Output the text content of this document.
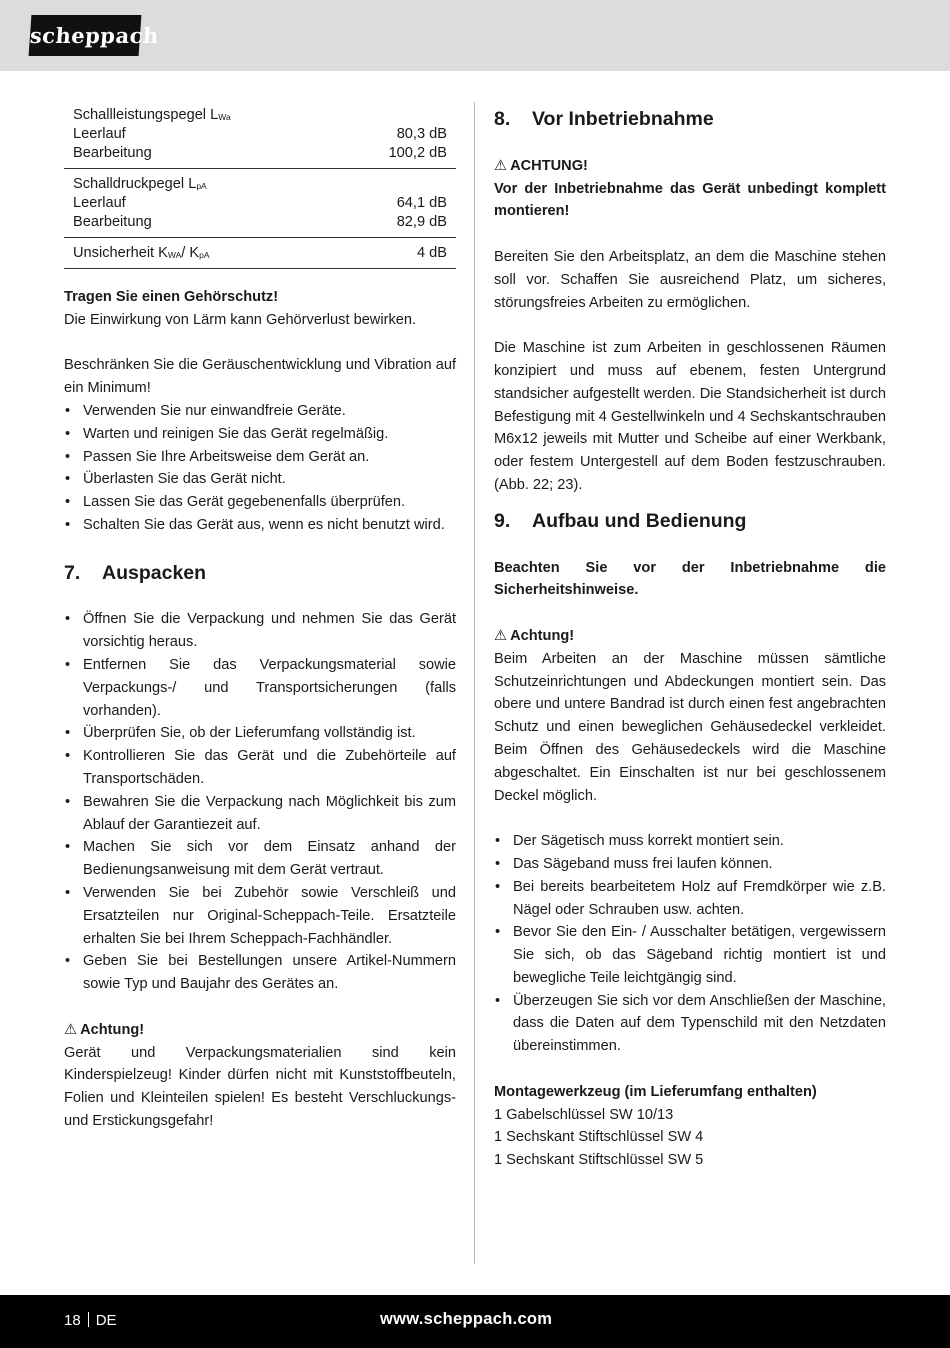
scheppach
Schallleistungspegel $L_{Wa}$
Leerlauf	80,3 dB
Bearbeitung	100,2 dB
Schalldruckpegel $L_{pA}$
Leerlauf	64,1 dB
Bearbeitung	82,9 dB
Unsicherheit $K_{WA}/$ $K_{pA}$	4 dB

Tragen Sie einen Gehörschutz!

Die Einwirkung von Lärm kann Gehörverlust bewirken.

Beschränken Sie die Geräuschentwicklung und Vibration auf ein Minimum!

• Verwenden Sie nur einwandfreie Geräte.
• Warten und reinigen Sie das Gerät regelmäßig.
• Passen Sie Ihre Arbeitsweise dem Gerät an.
• Überlasten Sie das Gerät nicht.
• Lassen Sie das Gerät gegebenenfalls überprüfen.
• Schalten Sie das Gerät aus, wenn es nicht benutzt wird.
7. Auspacken
• Öffnen Sie die Verpackung und nehmen Sie das Gerät vorsichtig heraus.
• Entfernen Sie das Verpackungsmaterial sowie Verpackungs-/ und Transportsicherungen (falls vorhanden).
• Überprüfen Sie, ob der Lieferumfang vollständig ist.
• Kontrollieren Sie das Gerät und die Zubehörteile auf Transportschäden.
• Bewahren Sie die Verpackung nach Möglichkeit bis zum Ablauf der Garantiezeit auf.
• Machen Sie sich vor dem Einsatz anhand der Bedienungsanweisung mit dem Gerät vertraut.
• Verwenden Sie bei Zubehör sowie Verschleiß und Ersatzteilen nur Original-Scheppach-Teile. Ersatzteile erhalten Sie bei Ihrem Scheppach-Fachhändler.
• Geben Sie bei Bestellungen unsere Artikel-Nummern sowie Typ und Baujahr des Gerätes an.

⚠ Achtung!

Gerät und Verpackungsmaterialien sind kein Kinderspielzeug! Kinder dürfen nicht mit Kunststoffbeuteln, Folien und Kleinteilen spielen! Es besteht Verschluckungs- und Erstickungsgefahr!

8. Vor Inbetriebnahme

⚠ ACHTUNG!

Vor der Inbetriebnahme das Gerät unbedingt komplett montieren!

Bereiten Sie den Arbeitsplatz, an dem die Maschine stehen soll vor. Schaffen Sie ausreichend Platz, um sicheres, störungsfreies Arbeiten zu ermöglichen.

Die Maschine ist zum Arbeiten in geschlossenen Räumen konzipiert und muss auf ebenem, festen Untergrund standsicher aufgestellt werden. Die Standsicherheit ist durch Befestigung mit 4 Gestellwinkeln und 4 Sechskantschrauben M6x12 jeweils mit Mutter und Scheibe auf einer Werkbank, oder festem Untergestell auf dem Boden festzuschrauben. (Abb. 22; 23).

9. Aufbau und Bedienung

Beachten Sie vor der Inbetriebnahme die Sicherheitshinweise.

⚠ Achtung!

Beim Arbeiten an der Maschine müssen sämtliche Schutzeinrichtungen und Abdeckungen montiert sein. Das obere und untere Bandrad ist durch einen fest angebrachten Schutz und einen beweglichen Gehäusedeckel verkleidet. Beim Öffnen des Gehäusedeckels wird die Maschine abgeschaltet. Ein Einschalten ist nur bei geschlossenem Deckel möglich.

• Der Sägetisch muss korrekt montiert sein.
• Das Sägeband muss frei laufen können.
• Bei bereits bearbeitetem Holz auf Fremdkörper wie z.B. Nägel oder Schrauben usw. achten.
• Bevor Sie den Ein- / Ausschalter betätigen, vergewissern Sie sich, ob das Sägeband richtig montiert ist und bewegliche Teile leichtgängig sind.
• Überzeugen Sie sich vor dem Anschließen der Maschine, dass die Daten auf dem Typenschild mit den Netzdaten übereinstimmen.

Montagewerkzeug (im Lieferumfang enthalten)

1 Gabelschlüssel SW 10/13

1 Sechskant Stiftschlüssel SW 4

1 Sechskant Stiftschlüssel SW 5

18 DE	www.scheppach.com
